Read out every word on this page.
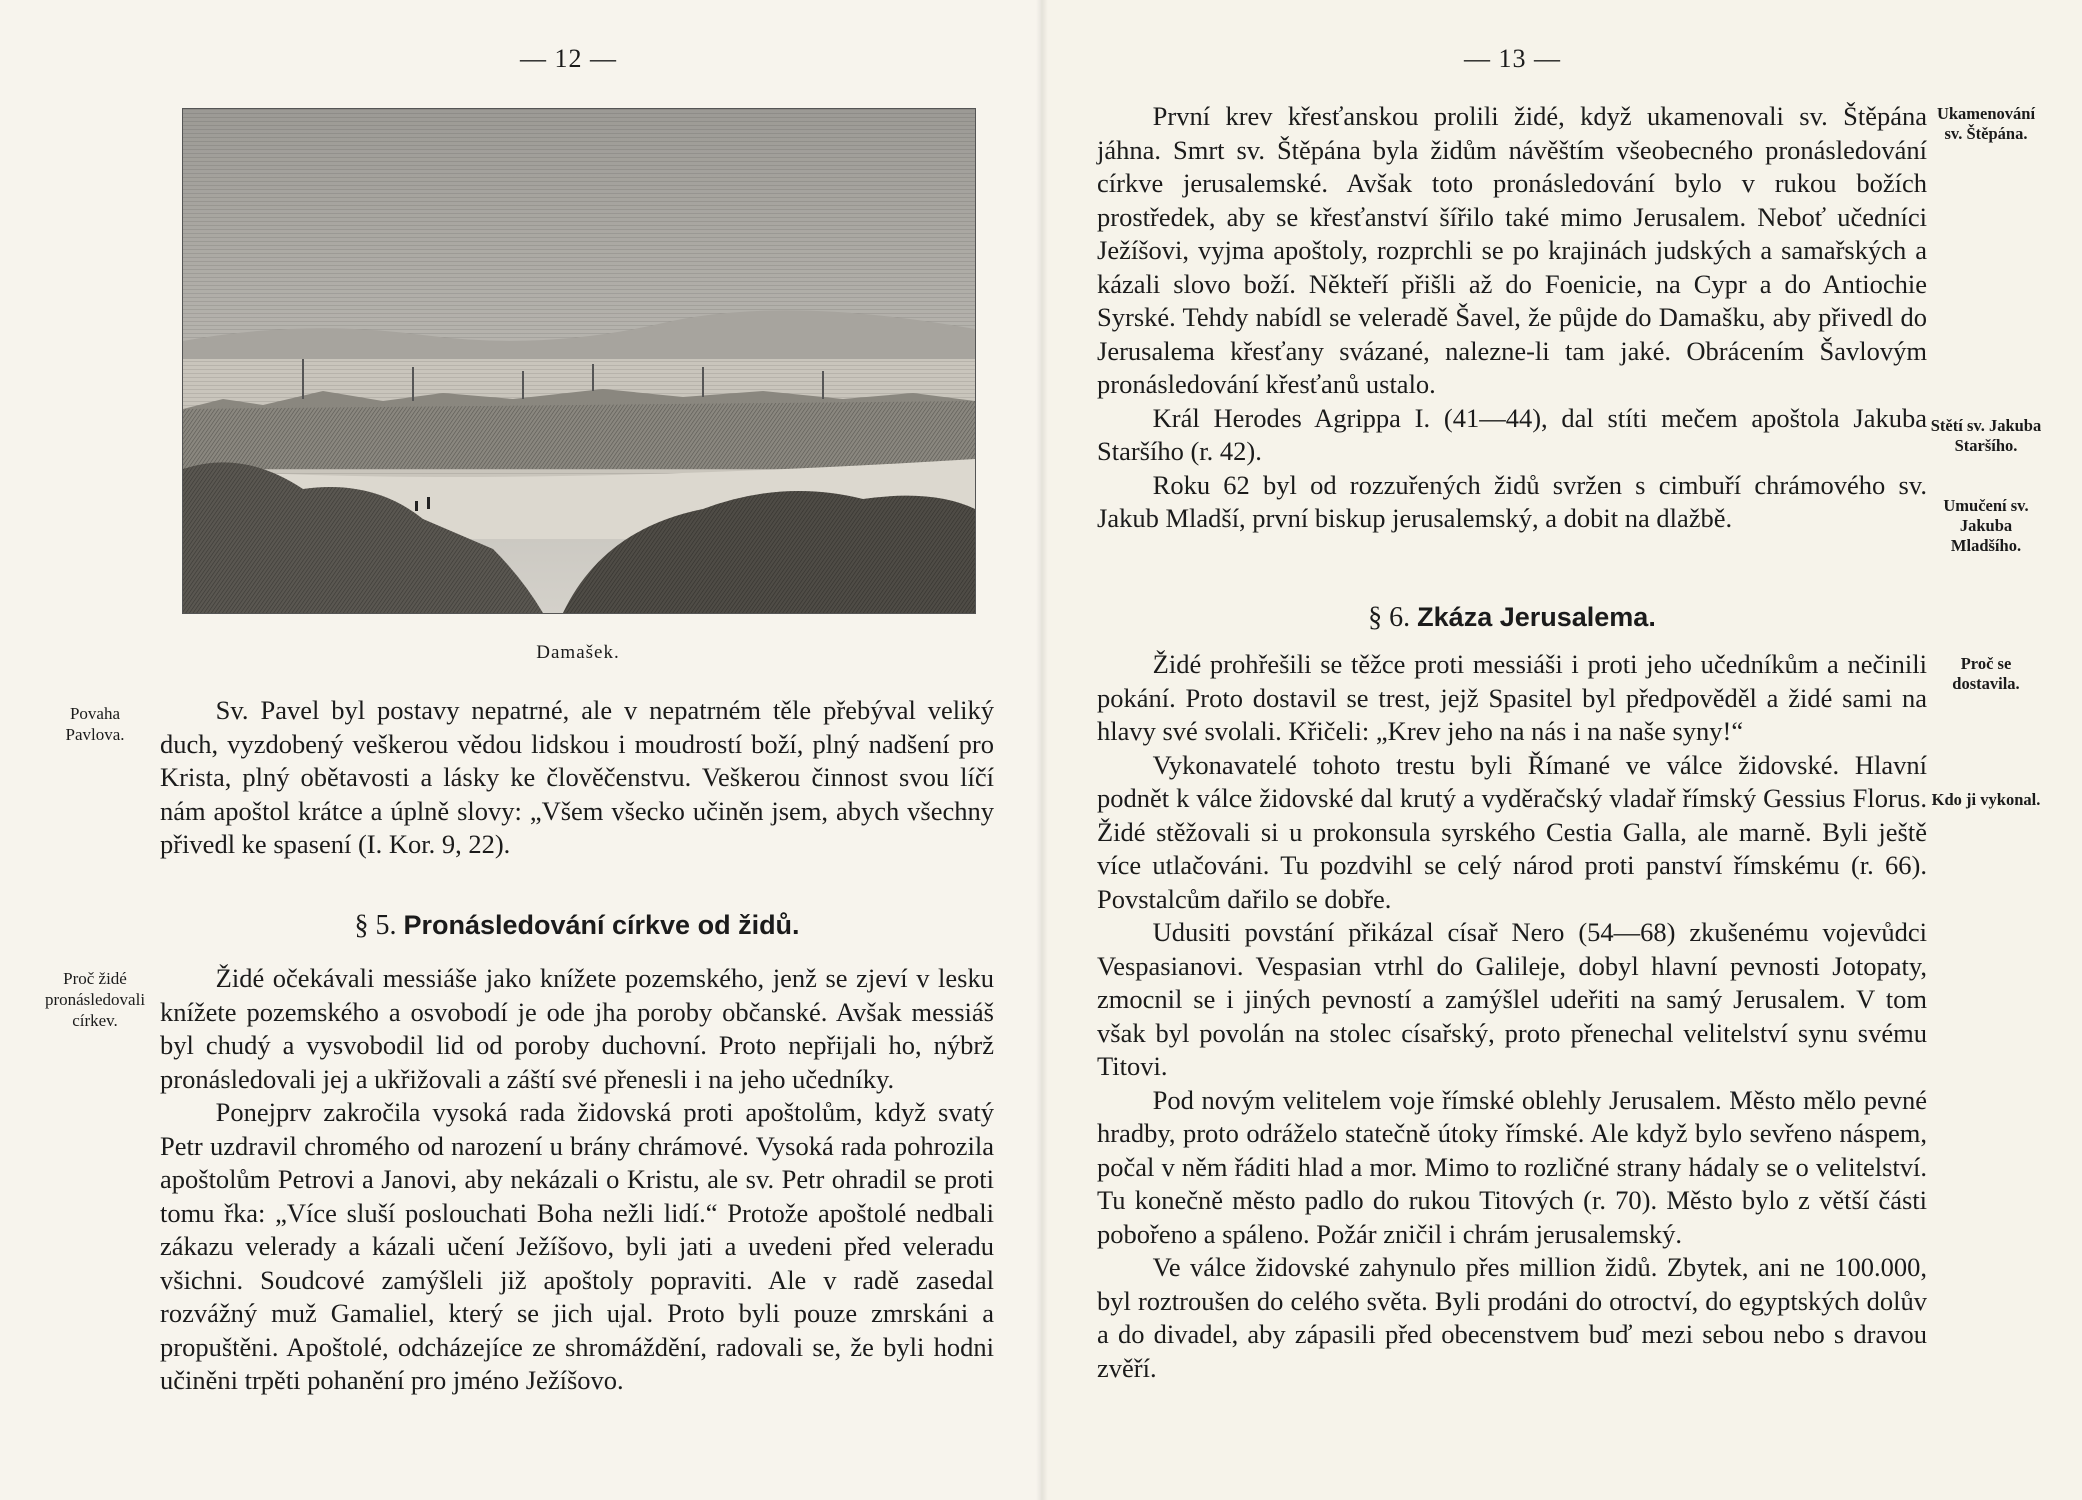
— 12 —	— 13 —
Damašek.
Povaha Pavlova.
Proč židé pronásledovali církev.

Sv. Pavel byl postavy nepatrné, ale v nepatrném těle přebýval veliký duch, vyzdobený veškerou vědou lidskou i moudrostí boží, plný nadšení pro Krista, plný obětavosti a lásky ke člověčenstvu. Veškerou činnost svou líčí nám apoštol krátce a úplně slovy: „Všem všecko učiněn jsem, abych všechny přivedl ke spasení (I. Kor. 9, 22).

§ 5. Pronásledování církve od židů.

Židé očekávali messiáše jako knížete pozemského, jenž se zjeví v lesku knížete pozemského a osvobodí je ode jha poroby občanské. Avšak messiáš byl chudý a vysvobodil lid od poroby duchovní. Proto nepřijali ho, nýbrž pronásledovali jej a ukřižovali a záští své přenesli i na jeho učedníky.

Ponejprv zakročila vysoká rada židovská proti apoštolům, když svatý Petr uzdravil chromého od narození u brány chrámové. Vysoká rada pohrozila apoštolům Petrovi a Janovi, aby nekázali o Kristu, ale sv. Petr ohradil se proti tomu řka: „Více sluší poslouchati Boha nežli lidí.“ Protože apoštolé nedbali zákazu velerady a kázali učení Ježíšovo, byli jati a uvedeni před veleradu všichni. Soudcové zamýšleli již apoštoly popraviti. Ale v radě zasedal rozvážný muž Gamaliel, který se jich ujal. Proto byli pouze zmrskáni a propuštěni. Apoštolé, odcházejíce ze shromáždění, radovali se, že byli hodni učiněni trpěti pohanění pro jméno Ježíšovo.

Ukamenování sv. Štěpána.
Stětí sv. Jakuba Staršího.
Umučení sv. Jakuba Mladšího.
Proč se dostavila.
Kdo ji vykonal.

První krev křesťanskou prolili židé, když ukamenovali sv. Štěpána jáhna. Smrt sv. Štěpána byla židům návěštím všeobecného pronásledování církve jerusalemské. Avšak toto pronásledování bylo v rukou božích prostředek, aby se křesťanství šířilo také mimo Jerusalem. Neboť učedníci Ježíšovi, vyjma apoštoly, rozprchli se po krajinách judských a samařských a kázali slovo boží. Někteří přišli až do Foenicie, na Cypr a do Antiochie Syrské. Tehdy nabídl se veleradě Šavel, že půjde do Damašku, aby přivedl do Jerusalema křesťany svázané, nalezne-li tam jaké. Obrácením Šavlovým pronásledování křesťanů ustalo.

Král Herodes Agrippa I. (41—44), dal stíti mečem apoštola Jakuba Staršího (r. 42).

Roku 62 byl od rozzuřených židů svržen s cimbuří chrámového sv. Jakub Mladší, první biskup jerusalemský, a dobit na dlažbě.

§ 6. Zkáza Jerusalema.

Židé prohřešili se těžce proti messiáši i proti jeho učedníkům a nečinili pokání. Proto dostavil se trest, jejž Spasitel byl předpověděl a židé sami na hlavy své svolali. Křičeli: „Krev jeho na nás i na naše syny!“

Vykonavatelé tohoto trestu byli Římané ve válce židovské. Hlavní podnět k válce židovské dal krutý a vyděračský vladař římský Gessius Florus. Židé stěžovali si u prokonsula syrského Cestia Galla, ale marně. Byli ještě více utlačováni. Tu pozdvihl se celý národ proti panství římskému (r. 66). Povstalcům dařilo se dobře.

Udusiti povstání přikázal císař Nero (54—68) zkušenému vojevůdci Vespasianovi. Vespasian vtrhl do Galileje, dobyl hlavní pevnosti Jotopaty, zmocnil se i jiných pevností a zamýšlel udeřiti na samý Jerusalem. V tom však byl povolán na stolec císařský, proto přenechal velitelství synu svému Titovi.

Pod novým velitelem voje římské oblehly Jerusalem. Město mělo pevné hradby, proto odráželo statečně útoky římské. Ale když bylo sevřeno náspem, počal v něm řáditi hlad a mor. Mimo to rozličné strany hádaly se o velitelství. Tu konečně město padlo do rukou Titových (r. 70). Město bylo z větší části pobořeno a spáleno. Požár zničil i chrám jerusalemský.

Ve válce židovské zahynulo přes million židů. Zbytek, ani ne 100.000, byl roztroušen do celého světa. Byli prodáni do otroctví, do egyptských dolův a do divadel, aby zápasili před obecenstvem buď mezi sebou nebo s dravou zvěří.
